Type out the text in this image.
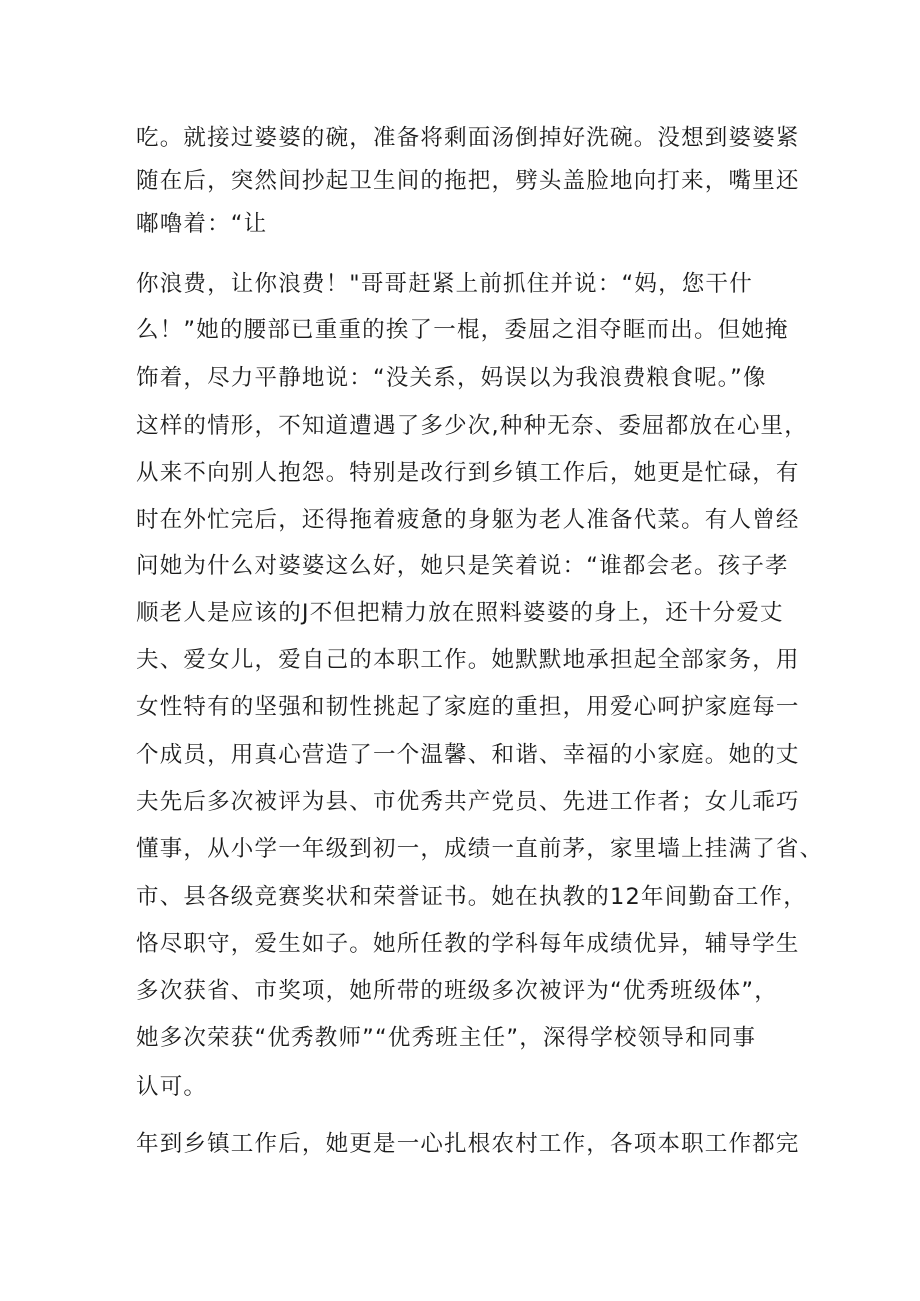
吃。就接过婆婆的碗，准备将剩面汤倒掉好洗碗。没想到婆婆紧
随在后，突然间抄起卫生间的拖把，劈头盖脸地向打来，嘴里还
嘟嚕着：“让
你浪费，让你浪费！"哥哥赶紧上前抓住并说：“妈，您干什
么！”她的腰部已重重的挨了一棍，委屈之泪夺眶而出。但她掩
饰着，尽力平静地说：“没关系，妈误以为我浪费粮食呢。”像
这样的情形，不知道遭遇了多少次,种种无奈、委屈都放在心里，
从来不向别人抱怨。特别是改行到乡镇工作后，她更是忙碌，有
时在外忙完后，还得拖着疲惫的身躯为老人准备代菜。有人曾经
问她为什么对婆婆这么好，她只是笑着说：“谁都会老。孩子孝
顺老人是应该的J不但把精力放在照料婆婆的身上，还十分爱丈
夫、爱女儿，爱自己的本职工作。她默默地承担起全部家务，用
女性特有的坚强和韧性挑起了家庭的重担，用爱心呵护家庭每一
个成员，用真心营造了一个温馨、和谐、幸福的小家庭。她的丈
夫先后多次被评为县、市优秀共产党员、先进工作者；女儿乖巧
懂事，从小学一年级到初一，成绩一直前茅，家里墙上挂满了省、
市、县各级竞赛奖状和荣誉证书。她在执教的12年间勤奋工作，
恪尽职守，爱生如子。她所任教的学科每年成绩优异，辅导学生
多次获省、市奖项，她所带的班级多次被评为“优秀班级体”，
她多次荣获“优秀教师”“优秀班主任”，深得学校领导和同事
认可。
年到乡镇工作后，她更是一心扎根农村工作，各项本职工作都完
